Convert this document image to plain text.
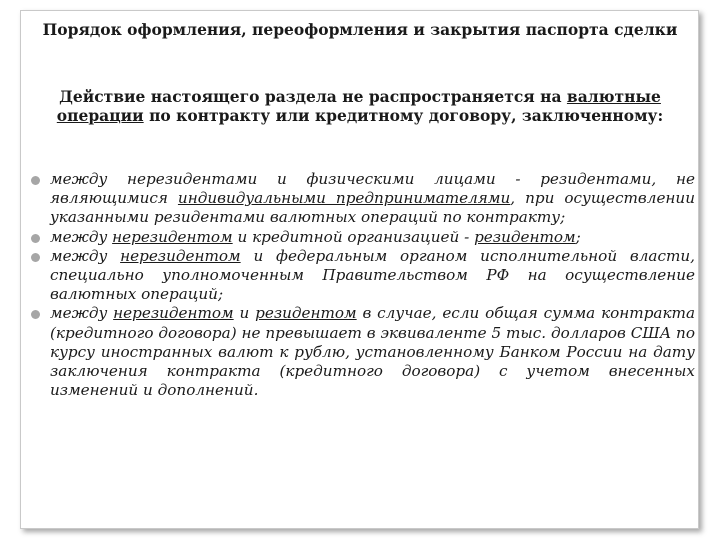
Порядок оформления, переоформления и закрытия паспорта сделки
Действие настоящего раздела не распространяется на валютные операции по контракту или кредитному договору, заключенному:
между нерезидентами и физическими лицами - резидентами, не являющимися индивидуальными предпринимателями, при осуществлении указанными резидентами валютных операций по контракту;
между нерезидентом и кредитной организацией - резидентом;
между нерезидентом и федеральным органом исполнительной власти, специально уполномоченным Правительством РФ на осуществление валютных операций;
между нерезидентом и резидентом в случае, если общая сумма контракта (кредитного договора) не превышает в эквиваленте 5 тыс. долларов США по курсу иностранных валют к рублю, установленному Банком России на дату заключения контракта (кредитного договора) с учетом внесенных изменений и дополнений.
